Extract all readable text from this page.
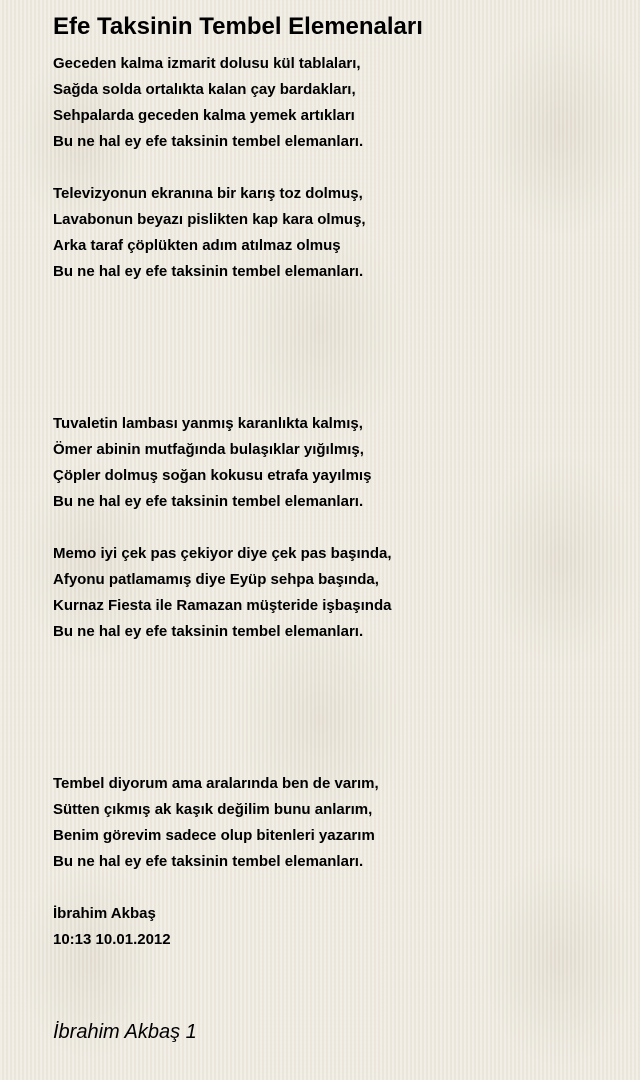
Efe Taksinin Tembel Elemenaları
Geceden kalma izmarit dolusu kül tablaları,
Sağda solda ortalıkta kalan çay bardakları,
Sehpalarda geceden kalma yemek artıkları
Bu ne hal ey efe taksinin tembel elemanları.
Televizyonun ekranına bir karış toz dolmuş,
Lavabonun beyazı pislikten kap kara olmuş,
Arka taraf çöplükten adım atılmaz olmuş
Bu ne hal ey efe taksinin tembel elemanları.
Tuvaletin lambası yanmış karanlıkta kalmış,
Ömer abinin mutfağında bulaşıklar yığılmış,
Çöpler dolmuş soğan kokusu etrafa yayılmış
Bu ne hal ey efe taksinin tembel elemanları.
Memo iyi çek pas çekiyor diye çek pas başında,
Afyonu patlamamış diye Eyüp sehpa başında,
Kurnaz Fiesta ile Ramazan müşteride işbaşında
Bu ne hal ey efe taksinin tembel elemanları.
Tembel diyorum ama aralarında ben de varım,
Sütten çıkmış ak kaşık değilim bunu anlarım,
Benim görevim sadece olup bitenleri yazarım
Bu ne hal ey efe taksinin tembel elemanları.
İbrahim Akbaş
10:13 10.01.2012
İbrahim Akbaş 1
